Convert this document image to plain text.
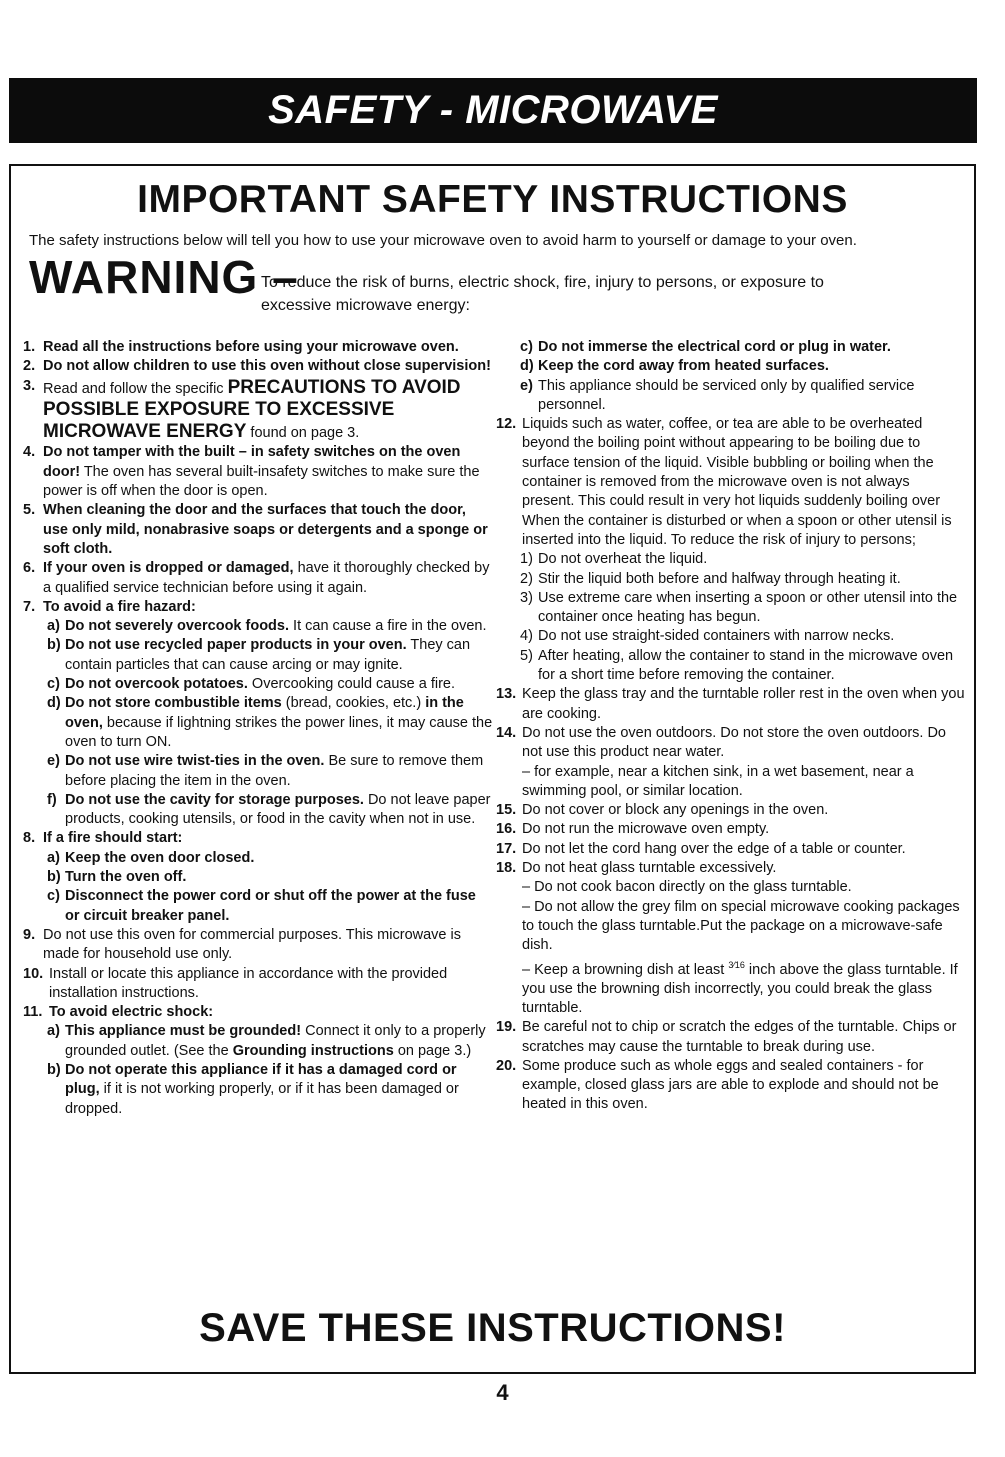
SAFETY - MICROWAVE
IMPORTANT SAFETY INSTRUCTIONS
The safety instructions below will tell you how to use your microwave oven to avoid harm to yourself or damage to your oven.
WARNING –
To reduce the risk of burns, electric shock, fire, injury to persons, or exposure to
excessive microwave energy:
1. Read all the instructions before using your microwave oven.
2. Do not allow children to use this oven without close supervision!
3. Read and follow the specific PRECAUTIONS TO AVOID POSSIBLE EXPOSURE TO EXCESSIVE MICROWAVE ENERGY found on page 3.
4. Do not tamper with the built – in safety switches on the oven door! The oven has several built-insafety switches to make sure the power is off when the door is open.
5. When cleaning the door and the surfaces that touch the door, use only mild, nonabrasive soaps or detergents and a sponge or soft cloth.
6. If your oven is dropped or damaged, have it thoroughly checked by a qualified service technician before using it again.
7. To avoid a fire hazard:
a) Do not severely overcook foods. It can cause a fire in the oven.
b) Do not use recycled paper products in your oven. They can contain particles that can cause arcing or may ignite.
c) Do not overcook potatoes. Overcooking could cause a fire.
d) Do not store combustible items (bread, cookies, etc.) in the oven, because if lightning strikes the power lines, it may cause the oven to turn ON.
e) Do not use wire twist-ties in the oven. Be sure to remove them before placing the item in the oven.
f) Do not use the cavity for storage purposes. Do not leave paper products, cooking utensils, or food in the cavity when not in use.
8. If a fire should start:
a) Keep the oven door closed.
b) Turn the oven off.
c) Disconnect the power cord or shut off the power at the fuse or circuit breaker panel.
9. Do not use this oven for commercial purposes. This microwave is made for household use only.
10. Install or locate this appliance in accordance with the provided installation instructions.
11. To avoid electric shock:
a) This appliance must be grounded! Connect it only to a properly grounded outlet. (See the Grounding instructions on page 3.)
b) Do not operate this appliance if it has a damaged cord or plug, if it is not working properly, or if it has been damaged or dropped.
c) Do not immerse the electrical cord or plug in water.
d) Keep the cord away from heated surfaces.
e) This appliance should be serviced only by qualified service personnel.
12. Liquids such as water, coffee, or tea are able to be overheated beyond the boiling point without appearing to be boiling due to surface tension of the liquid. Visible bubbling or boiling when the container is removed from the microwave oven is not always present. This could result in very hot liquids suddenly boiling over When the container is disturbed or when a spoon or other utensil is inserted into the liquid. To reduce the risk of injury to persons;
1) Do not overheat the liquid.
2) Stir the liquid both before and halfway through heating it.
3) Use extreme care when inserting a spoon or other utensil into the container once heating has begun.
4) Do not use straight-sided containers with narrow necks.
5) After heating, allow the container to stand in the microwave oven for a short time before removing the container.
13. Keep the glass tray and the turntable roller rest in the oven when you are cooking.
14. Do not use the oven outdoors. Do not store the oven outdoors. Do not use this product near water.
– for example, near a kitchen sink, in a wet basement, near a swimming pool, or similar location.
15. Do not cover or block any openings in the oven.
16. Do not run the microwave oven empty.
17. Do not let the cord hang over the edge of a table or counter.
18. Do not heat glass turntable excessively.
– Do not cook bacon directly on the glass turntable.
– Do not allow the grey film on special microwave cooking packages to touch the glass turntable.Put the package on a microwave-safe dish.
– Keep a browning dish at least $^{3⁄16}$ inch above the glass turntable. If you use the browning dish incorrectly, you could break the glass turntable.
19. Be careful not to chip or scratch the edges of the turntable. Chips or scratches may cause the turntable to break during use.
20. Some produce such as whole eggs and sealed containers - for example, closed glass jars are able to explode and should not be heated in this oven.
SAVE THESE INSTRUCTIONS!
4
